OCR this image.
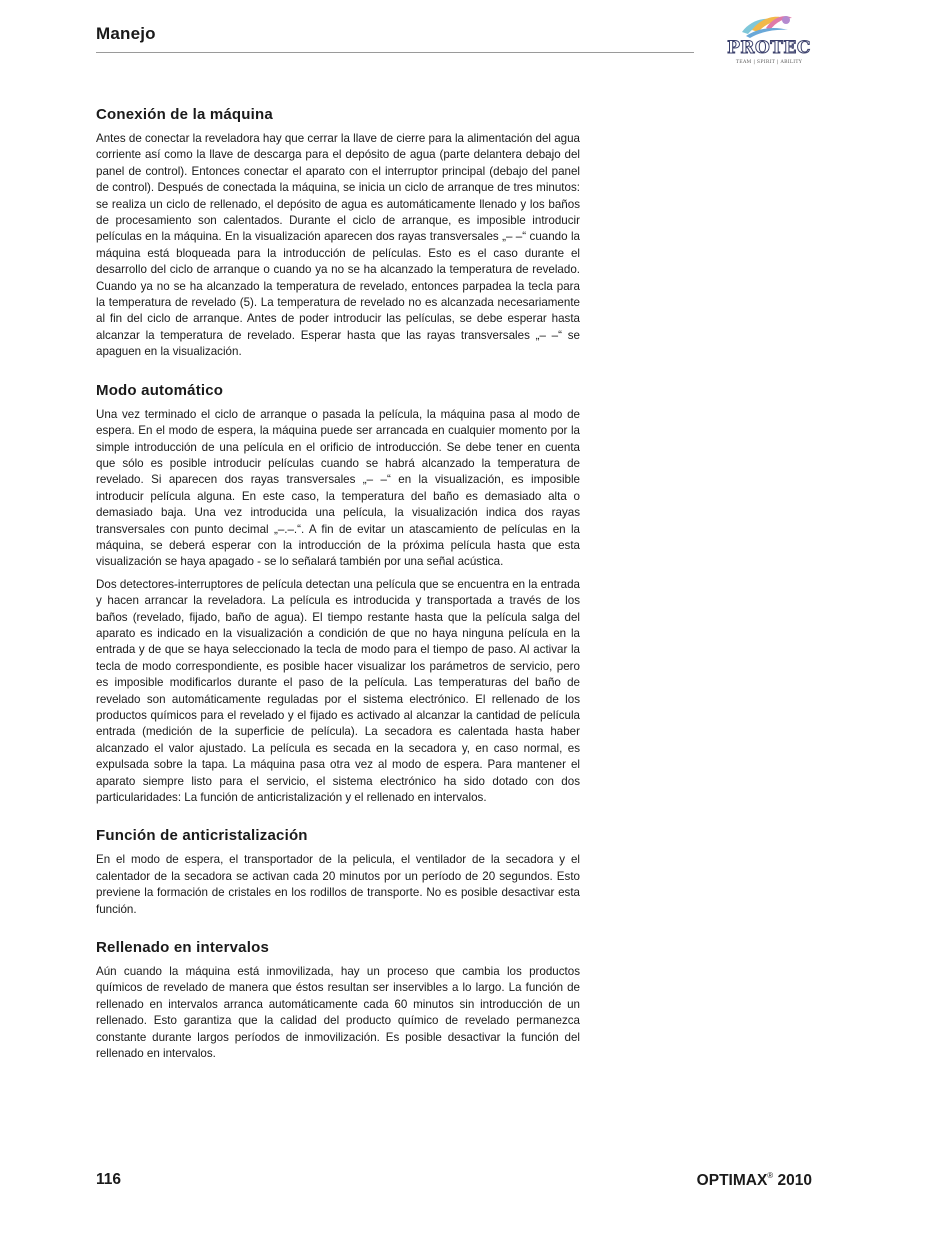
Manejo
PROTEC
TEAM | SPIRIT | ABILITY
Conexión de la máquina

Antes de conectar la reveladora hay que cerrar la llave de cierre para la alimentación del agua corriente así como la llave de descarga para el depósito de agua (parte delantera debajo del panel de control). Entonces conectar el aparato con el interruptor principal (debajo del panel de control). Después de conectada la máquina, se inicia un ciclo de arranque de tres minutos: se realiza un ciclo de rellenado, el depósito de agua es automáticamente llenado y los baños de procesamiento son calentados. Durante el ciclo de arranque, es imposible introducir películas en la máquina. En la visualización aparecen dos rayas transversales „– –“ cuando la máquina está bloqueada para la introducción de películas. Esto es el caso durante el desarrollo del ciclo de arranque o cuando ya no se ha alcanzado la temperatura de revelado. Cuando ya no se ha alcanzado la temperatura de revelado, entonces parpadea la tecla para la temperatura de revelado (5). La temperatura de revelado no es alcanzada necesariamente al fin del ciclo de arranque. Antes de poder introducir las películas, se debe esperar hasta alcanzar la temperatura de revelado. Esperar hasta que las rayas transversales „– –“ se apaguen en la visualización.

Modo automático

Una vez terminado el ciclo de arranque o pasada la película, la máquina pasa al modo de espera. En el modo de espera, la máquina puede ser arrancada en cualquier momento por la simple introducción de una película en el orificio de introducción. Se debe tener en cuenta que sólo es posible introducir películas cuando se habrá alcanzado la temperatura de revelado. Si aparecen dos rayas transversales „– –“ en la visualización, es imposible introducir película alguna. En este caso, la temperatura del baño es demasiado alta o demasiado baja. Una vez introducida una película, la visualización indica dos rayas transversales con punto decimal „–.–.“. A fin de evitar un atascamiento de películas en la máquina, se deberá esperar con la introducción de la próxima película hasta que esta visualización se haya apagado - se lo señalará también por una señal acústica.

Dos detectores-interruptores de película detectan una película que se encuentra en la entrada y hacen arrancar la reveladora. La película es introducida y transportada a través de los baños (revelado, fijado, baño de agua). El tiempo restante hasta que la película salga del aparato es indicado en la visualización a condición de que no haya ninguna película en la entrada y de que se haya seleccionado la tecla de modo para el tiempo de paso. Al activar la tecla de modo correspondiente, es posible hacer visualizar los parámetros de servicio, pero es imposible modificarlos durante el paso de la película. Las temperaturas del baño de revelado son automáticamente reguladas por el sistema electrónico. El rellenado de los productos químicos para el revelado y el fijado es activado al alcanzar la cantidad de película entrada (medición de la superficie de película). La secadora es calentada hasta haber alcanzado el valor ajustado. La película es secada en la secadora y, en caso normal, es expulsada sobre la tapa. La máquina pasa otra vez al modo de espera. Para mantener el aparato siempre listo para el servicio, el sistema electrónico ha sido dotado con dos particularidades: La función de anticristalización y el rellenado en intervalos.

Función de anticristalización

En el modo de espera, el transportador de la pelicula, el ventilador de la secadora y el calentador de la secadora se activan cada 20 minutos por un período de 20 segundos. Esto previene la formación de cristales en los rodillos de transporte. No es posible desactivar esta función.

Rellenado en intervalos

Aún cuando la máquina está inmovilizada, hay un proceso que cambia los productos químicos de revelado de manera que éstos resultan ser inservibles a lo largo. La función de rellenado en intervalos arranca automáticamente cada 60 minutos sin introducción de un rellenado. Esto garantiza que la calidad del producto químico de revelado permanezca constante durante largos períodos de inmovilización. Es posible desactivar la función del rellenado en intervalos.

116	OPTIMAX® 2010
